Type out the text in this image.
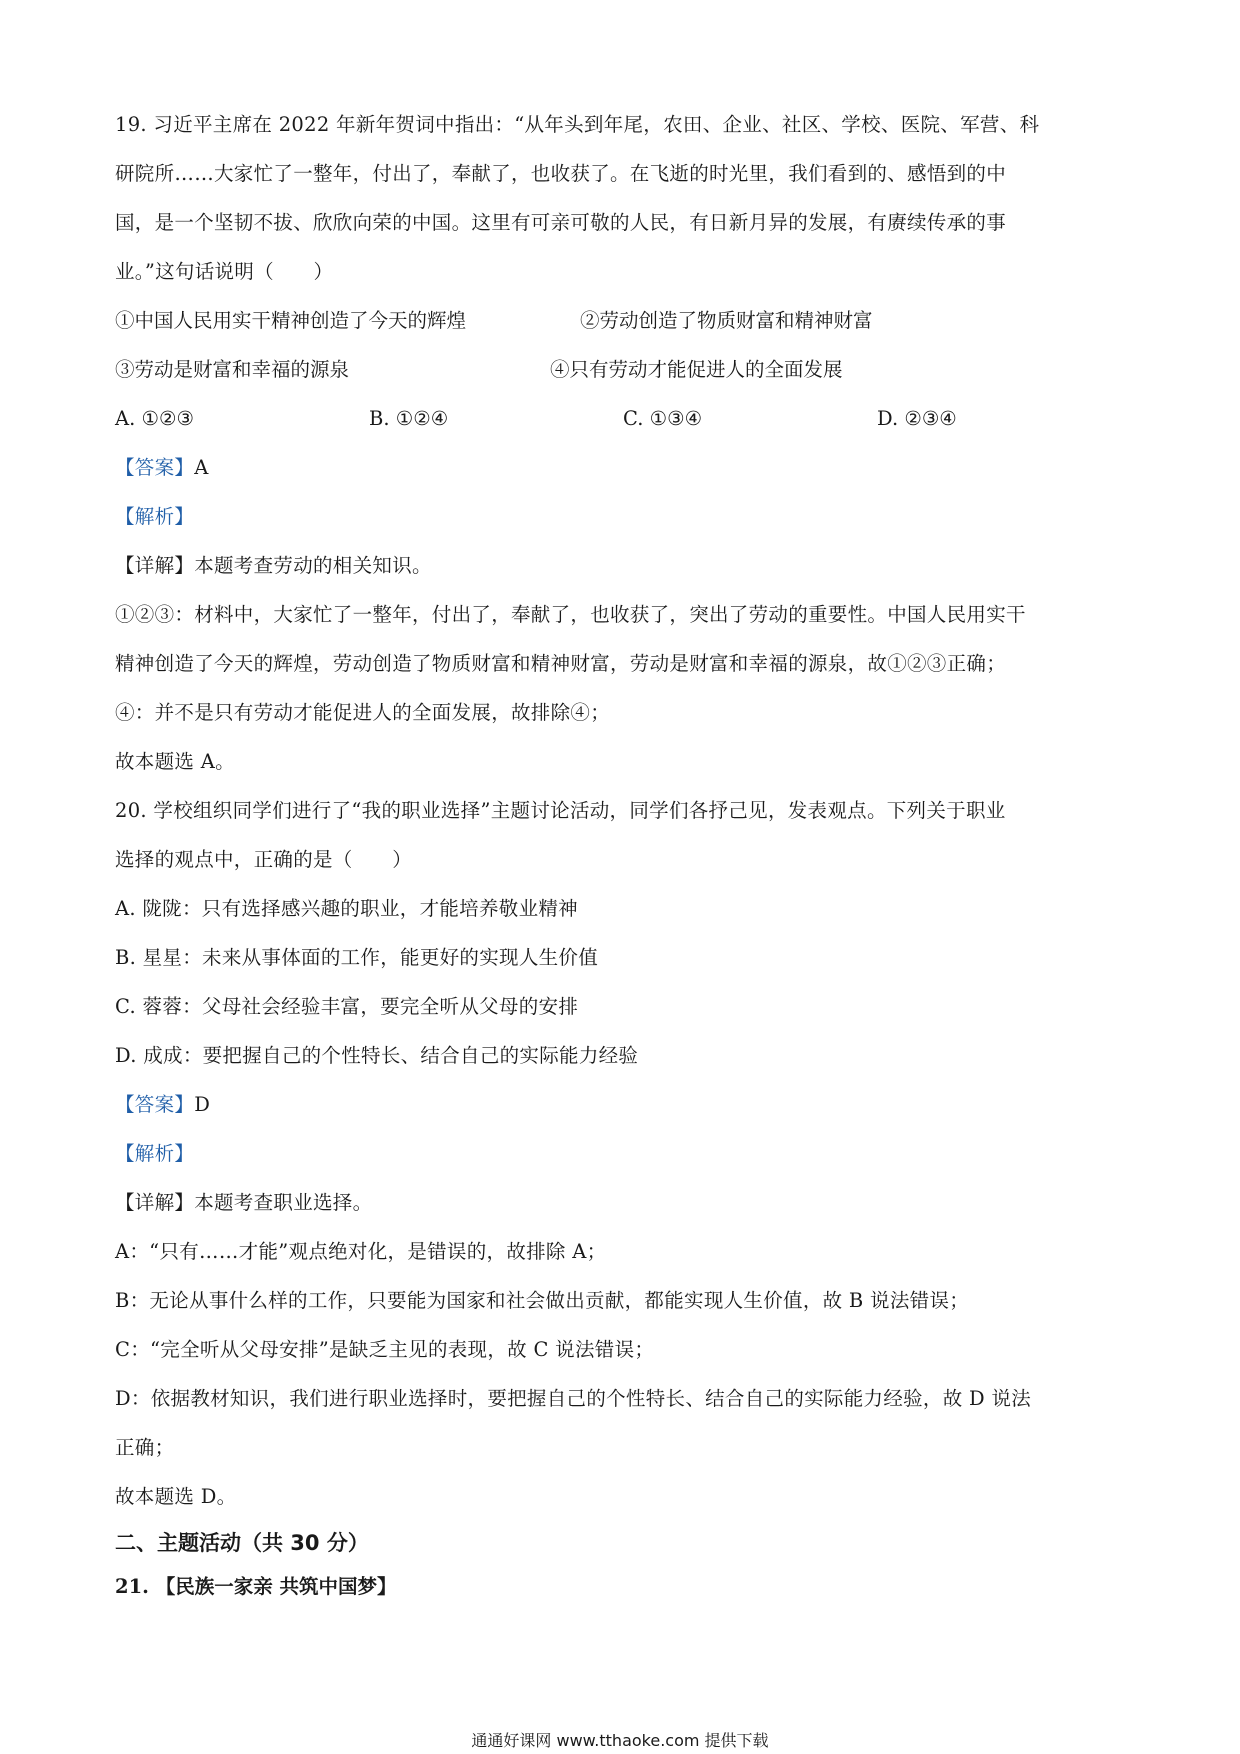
19. 习近平主席在 2022 年新年贺词中指出：“从年头到年尾，农田、企业、社区、学校、医院、军营、科
研院所……大家忙了一整年，付出了，奉献了，也收获了。在飞逝的时光里，我们看到的、感悟到的中
国，是一个坚韧不拔、欣欣向荣的中国。这里有可亲可敬的人民，有日新月异的发展，有赓续传承的事
业。”这句话说明（　　）
①中国人民用实干精神创造了今天的辉煌	②劳动创造了物质财富和精神财富
③劳动是财富和幸福的源泉	④只有劳动才能促进人的全面发展
A. ①②③	B. ①②④	C. ①③④	D. ②③④
【答案】A
【解析】
【详解】本题考查劳动的相关知识。
①②③：材料中，大家忙了一整年，付出了，奉献了，也收获了，突出了劳动的重要性。中国人民用实干
精神创造了今天的辉煌，劳动创造了物质财富和精神财富，劳动是财富和幸福的源泉，故①②③正确；
④：并不是只有劳动才能促进人的全面发展，故排除④；
故本题选 A。
20. 学校组织同学们进行了“我的职业选择”主题讨论活动，同学们各抒己见，发表观点。下列关于职业
选择的观点中，正确的是（　　）
A. 陇陇：只有选择感兴趣的职业，才能培养敬业精神
B. 星星：未来从事体面的工作，能更好的实现人生价值
C. 蓉蓉：父母社会经验丰富，要完全听从父母的安排
D. 成成：要把握自己的个性特长、结合自己的实际能力经验
【答案】D
【解析】
【详解】本题考查职业选择。
A：“只有……才能”观点绝对化，是错误的，故排除 A；
B：无论从事什么样的工作，只要能为国家和社会做出贡献，都能实现人生价值，故 B 说法错误；
C：“完全听从父母安排”是缺乏主见的表现，故 C 说法错误；
D：依据教材知识，我们进行职业选择时，要把握自己的个性特长、结合自己的实际能力经验，故 D 说法
正确；
故本题选 D。
二、主题活动（共 30 分）
21. 【民族一家亲 共筑中国梦】
通通好课网 www.tthaoke.com 提供下载
